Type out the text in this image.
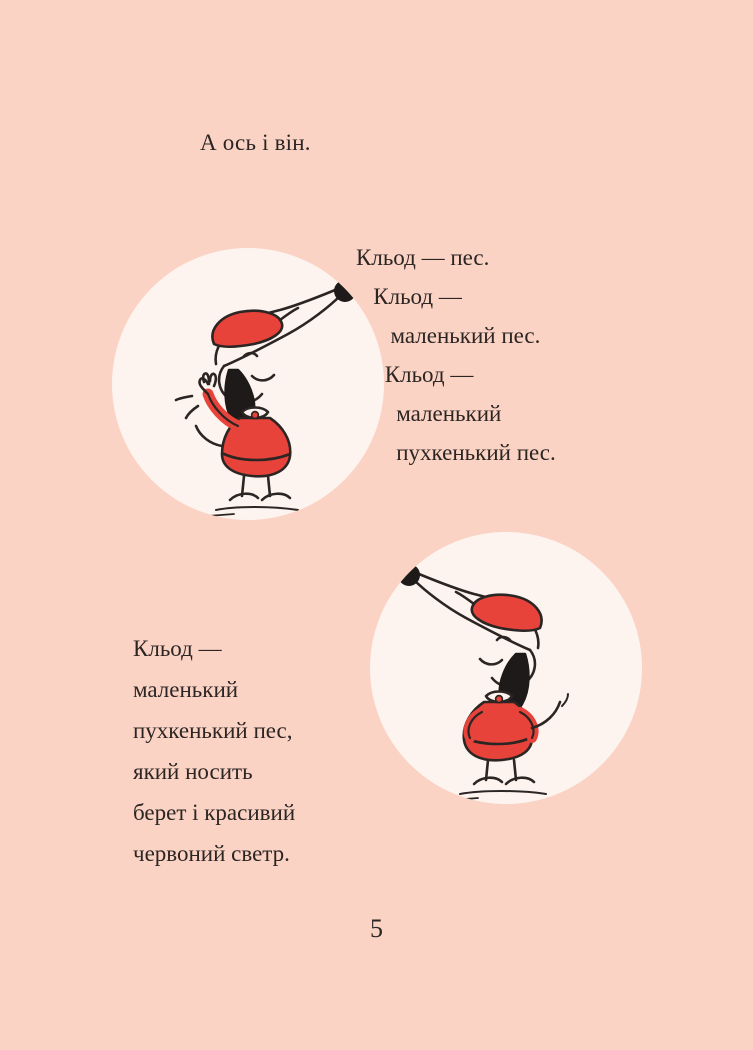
А ось і він.
Кльод — пес.
Кльод —
маленький пес.
Кльод —
маленький
пухкенький пес.
Кльод —
маленький
пухкенький пес,
який носить
берет і красивий
червоний светр.
5
